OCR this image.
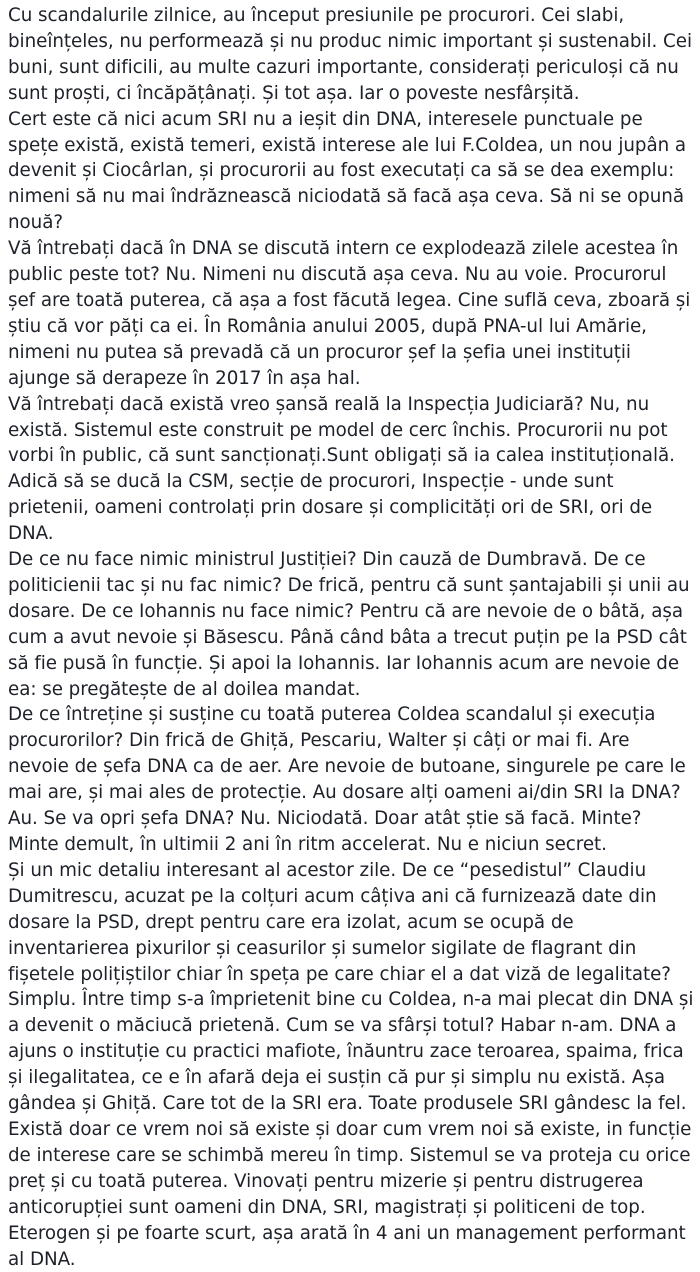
Cu scandalurile zilnice, au început presiunile pe procurori. Cei slabi, bineînțeles, nu performează și nu produc nimic important și sustenabil. Cei buni, sunt dificili, au multe cazuri importante, considerați periculoși că nu sunt proști, ci încăpățânați. Și tot așa. Iar o poveste nesfârșită.

Cert este că nici acum SRI nu a ieșit din DNA, interesele punctuale pe spețe există, există temeri, există interese ale lui F.Coldea, un nou jupân a devenit și Ciocârlan, și procurorii au fost executați ca să se dea exemplu: nimeni să nu mai îndrăznească niciodată să facă așa ceva. Să ni se opună nouă?

Vă întrebați dacă în DNA se discută intern ce explodează zilele acestea în public peste tot? Nu. Nimeni nu discută așa ceva. Nu au voie. Procurorul șef are toată puterea, că așa a fost făcută legea. Cine suflă ceva, zboară și știu că vor păți ca ei. În România anului 2005, după PNA-ul lui Amărie, nimeni nu putea să prevadă că un procuror șef la șefia unei instituții ajunge să derapeze în 2017 în așa hal.

Vă întrebați dacă există vreo șansă reală la Inspecția Judiciară? Nu, nu există. Sistemul este construit pe model de cerc închis. Procurorii nu pot vorbi în public, că sunt sancționați.Sunt obligați să ia calea instituțională. Adică să se ducă la CSM, secție de procurori, Inspecție - unde sunt prietenii, oameni controlați prin dosare și complicități ori de SRI, ori de DNA.

De ce nu face nimic ministrul Justiției? Din cauză de Dumbravă. De ce politicienii tac și nu fac nimic? De frică, pentru că sunt șantajabili și unii au dosare. De ce Iohannis nu face nimic? Pentru că are nevoie de o bâtă, așa cum a avut nevoie și Băsescu. Până când bâta a trecut puțin pe la PSD cât să fie pusă în funcție. Și apoi la Iohannis. Iar Iohannis acum are nevoie de ea: se pregătește de al doilea mandat.

De ce întreține și susține cu toată puterea Coldea scandalul și execuția procurorilor? Din frică de Ghiță, Pescariu, Walter și câți or mai fi. Are nevoie de șefa DNA ca de aer. Are nevoie de butoane, singurele pe care le mai are, și mai ales de protecție. Au dosare alți oameni ai/din SRI la DNA? Au. Se va opri șefa DNA? Nu. Niciodată. Doar atât știe să facă. Minte? Minte demult, în ultimii 2 ani în ritm accelerat. Nu e niciun secret.

Și un mic detaliu interesant al acestor zile. De ce “pesedistul” Claudiu Dumitrescu, acuzat pe la colțuri acum câțiva ani că furnizează date din dosare la PSD, drept pentru care era izolat, acum se ocupă de inventarierea pixurilor și ceasurilor și sumelor sigilate de flagrant din fișetele polițiștilor chiar în spețа pe care chiar el a dat viză de legalitate? Simplu. Între timp s-a împrietenit bine cu Coldea, n-a mai plecat din DNA și a devenit o măciucă prietenă. Cum se va sfârși totul? Habar n-am. DNA a ajuns o instituție cu practici mafiote, înăuntru zace teroarea, spaima, frica și ilegalitatea, ce e în afară deja ei susțin că pur și simplu nu există. Așa gândea și Ghiță. Care tot de la SRI era. Toate produsele SRI gândesc la fel. Există doar ce vrem noi să existe și doar cum vrem noi să existe, in funcție de interese care se schimbă mereu în timp. Sistemul se va proteja cu orice preț și cu toată puterea. Vinovați pentru mizerie și pentru distrugerea anticorupției sunt oameni din DNA, SRI, magistrați și politiceni de top. Eterogen și pe foarte scurt, așa arată în 4 ani un management performant al DNA.
